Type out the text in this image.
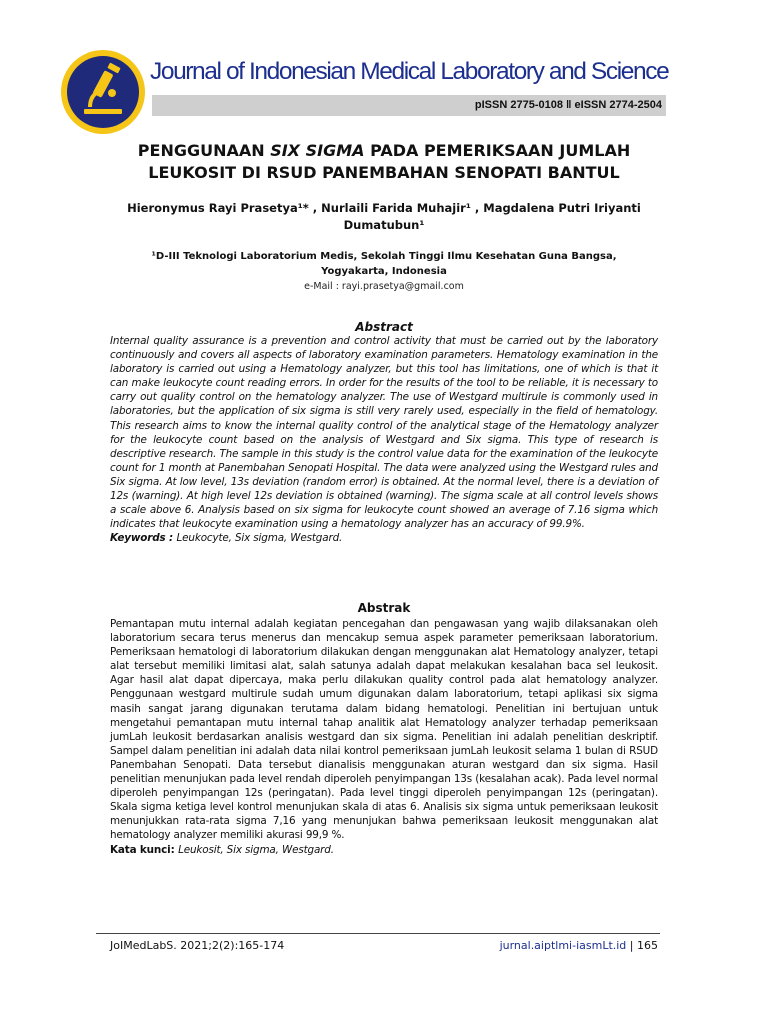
Journal of Indonesian Medical Laboratory and Science
pISSN 2775-0108 ǁ eISSN 2774-2504
PENGGUNAAN SIX SIGMA PADA PEMERIKSAAN JUMLAH LEUKOSIT DI RSUD PANEMBAHAN SENOPATI BANTUL
Hieronymus Rayi Prasetya¹* , Nurlaili Farida Muhajir¹ , Magdalena Putri Iriyanti Dumatubun¹
¹D-III Teknologi Laboratorium Medis, Sekolah Tinggi Ilmu Kesehatan Guna Bangsa, Yogyakarta, Indonesia
e-Mail : rayi.prasetya@gmail.com
Abstract
Internal quality assurance is a prevention and control activity that must be carried out by the laboratory continuously and covers all aspects of laboratory examination parameters. Hematology examination in the laboratory is carried out using a Hematology analyzer, but this tool has limitations, one of which is that it can make leukocyte count reading errors. In order for the results of the tool to be reliable, it is necessary to carry out quality control on the hematology analyzer. The use of Westgard multirule is commonly used in laboratories, but the application of six sigma is still very rarely used, especially in the field of hematology. This research aims to know the internal quality control of the analytical stage of the Hematology analyzer for the leukocyte count based on the analysis of Westgard and Six sigma. This type of research is descriptive research. The sample in this study is the control value data for the examination of the leukocyte count for 1 month at Panembahan Senopati Hospital. The data were analyzed using the Westgard rules and Six sigma. At low level, 13s deviation (random error) is obtained. At the normal level, there is a deviation of 12s (warning). At high level 12s deviation is obtained (warning). The sigma scale at all control levels shows a scale above 6. Analysis based on six sigma for leukocyte count showed an average of 7.16 sigma which indicates that leukocyte examination using a hematology analyzer has an accuracy of 99.9%.
Keywords : Leukocyte, Six sigma, Westgard.
Abstrak
Pemantapan mutu internal adalah kegiatan pencegahan dan pengawasan yang wajib dilaksanakan oleh laboratorium secara terus menerus dan mencakup semua aspek parameter pemeriksaan laboratorium. Pemeriksaan hematologi di laboratorium dilakukan dengan menggunakan alat Hematology analyzer, tetapi alat tersebut memiliki limitasi alat, salah satunya adalah dapat melakukan kesalahan baca sel leukosit. Agar hasil alat dapat dipercaya, maka perlu dilakukan quality control pada alat hematology analyzer. Penggunaan westgard multirule sudah umum digunakan dalam laboratorium, tetapi aplikasi six sigma masih sangat jarang digunakan terutama dalam bidang hematologi. Penelitian ini bertujuan untuk mengetahui pemantapan mutu internal tahap analitik alat Hematology analyzer terhadap pemeriksaan jumLah leukosit berdasarkan analisis westgard dan six sigma. Penelitian ini adalah penelitian deskriptif. Sampel dalam penelitian ini adalah data nilai kontrol pemeriksaan jumLah leukosit selama 1 bulan di RSUD Panembahan Senopati. Data tersebut dianalisis menggunakan aturan westgard dan six sigma. Hasil penelitian menunjukan pada level rendah diperoleh penyimpangan 13s (kesalahan acak). Pada level normal diperoleh penyimpangan 12s (peringatan). Pada level tinggi diperoleh penyimpangan 12s (peringatan). Skala sigma ketiga level kontrol menunjukan skala di atas 6. Analisis six sigma untuk pemeriksaan leukosit menunjukkan rata-rata sigma 7,16 yang menunjukan bahwa pemeriksaan leukosit menggunakan alat hematology analyzer memiliki akurasi 99,9 %.
Kata kunci: Leukosit, Six sigma, Westgard.
JoIMedLabS. 2021;2(2):165-174	jurnal.aiptlmi-iasmLt.id | 165
